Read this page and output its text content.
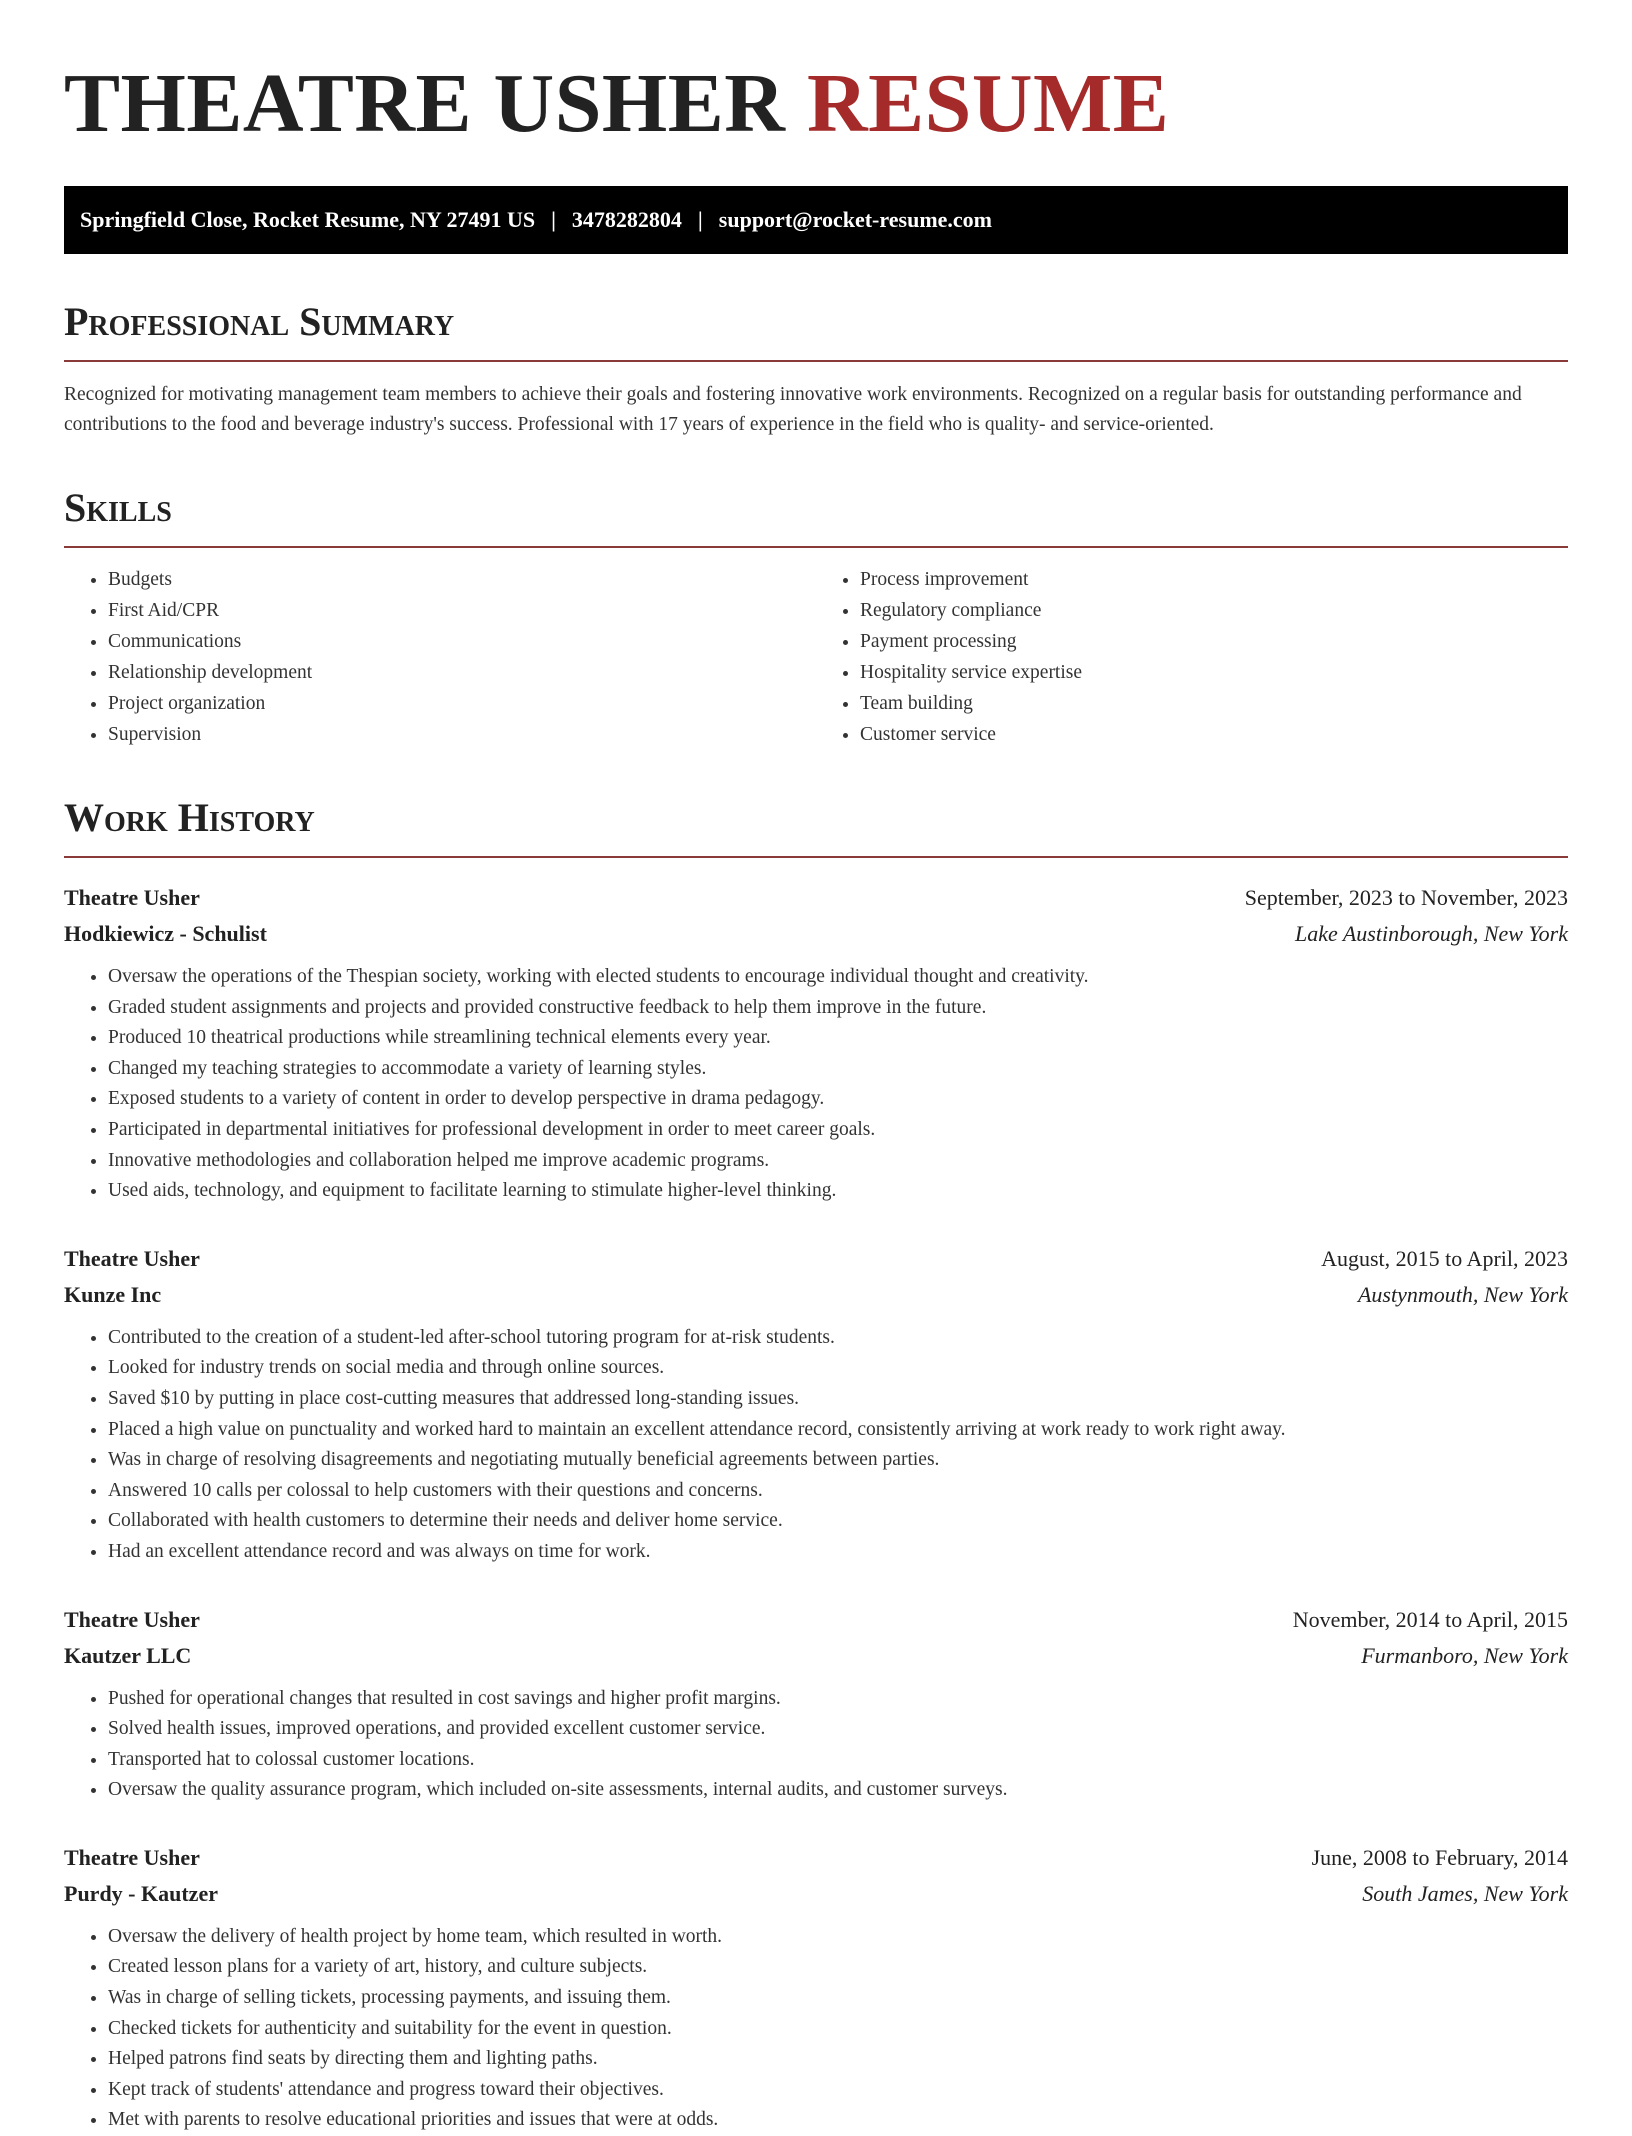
THEATRE USHER RESUME
Springfield Close, Rocket Resume, NY 27491 US | 3478282804 | support@rocket-resume.com
Professional Summary

Recognized for motivating management team members to achieve their goals and fostering innovative work environments. Recognized on a regular basis for outstanding performance and contributions to the food and beverage industry's success. Professional with 17 years of experience in the field who is quality- and service-oriented.

Skills
• Budgets
• First Aid/CPR
• Communications
• Relationship development
• Project organization
• Supervision
• Process improvement
• Regulatory compliance
• Payment processing
• Hospitality service expertise
• Team building
• Customer service
Work History
Theatre Usher	September, 2023 to November, 2023
Hodkiewicz - Schulist	Lake Austinborough, New York
• Oversaw the operations of the Thespian society, working with elected students to encourage individual thought and creativity.
• Graded student assignments and projects and provided constructive feedback to help them improve in the future.
• Produced 10 theatrical productions while streamlining technical elements every year.
• Changed my teaching strategies to accommodate a variety of learning styles.
• Exposed students to a variety of content in order to develop perspective in drama pedagogy.
• Participated in departmental initiatives for professional development in order to meet career goals.
• Innovative methodologies and collaboration helped me improve academic programs.
• Used aids, technology, and equipment to facilitate learning to stimulate higher-level thinking.
Theatre Usher	August, 2015 to April, 2023
Kunze Inc	Austynmouth, New York
• Contributed to the creation of a student-led after-school tutoring program for at-risk students.
• Looked for industry trends on social media and through online sources.
• Saved $10 by putting in place cost-cutting measures that addressed long-standing issues.
• Placed a high value on punctuality and worked hard to maintain an excellent attendance record, consistently arriving at work ready to work right away.
• Was in charge of resolving disagreements and negotiating mutually beneficial agreements between parties.
• Answered 10 calls per colossal to help customers with their questions and concerns.
• Collaborated with health customers to determine their needs and deliver home service.
• Had an excellent attendance record and was always on time for work.
Theatre Usher	November, 2014 to April, 2015
Kautzer LLC	Furmanboro, New York
• Pushed for operational changes that resulted in cost savings and higher profit margins.
• Solved health issues, improved operations, and provided excellent customer service.
• Transported hat to colossal customer locations.
• Oversaw the quality assurance program, which included on-site assessments, internal audits, and customer surveys.
Theatre Usher	June, 2008 to February, 2014
Purdy - Kautzer	South James, New York
• Oversaw the delivery of health project by home team, which resulted in worth.
• Created lesson plans for a variety of art, history, and culture subjects.
• Was in charge of selling tickets, processing payments, and issuing them.
• Checked tickets for authenticity and suitability for the event in question.
• Helped patrons find seats by directing them and lighting paths.
• Kept track of students' attendance and progress toward their objectives.
• Met with parents to resolve educational priorities and issues that were at odds.
